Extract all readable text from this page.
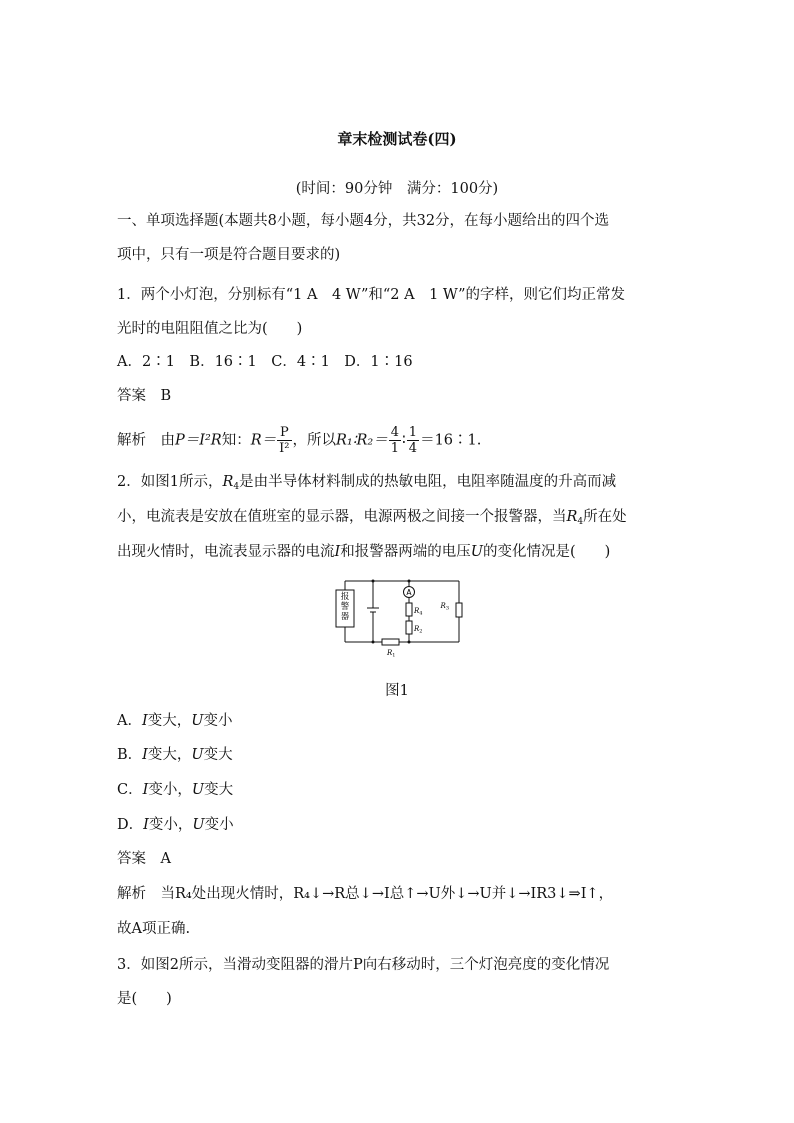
章末检测试卷(四)
(时间：90分钟　满分：100分)
一、单项选择题(本题共8小题，每小题4分，共32分，在每小题给出的四个选
项中，只有一项是符合题目要求的)
1．两个小灯泡，分别标有“1 A　4 W”和“2 A　1 W”的字样，则它们均正常发
光时的电阻阻值之比为(　　)
A．2∶1　B．16∶1　C．4∶1　D．1∶16
答案　 B
解析　 由P＝I²R知：$R= \frac{P}{\text{I²}}$ ，所以R₁∶R₂＝ $\frac{4}{1}$ ∶ $\frac{1}{4}$ ＝16∶1.
2．如图1所示，$R_4$是由半导体材料制成的热敏电阻，电阻率随温度的升高而减
小，电流表是安放在值班室的显示器，电源两极之间接一个报警器，当$R_4$所在处
出现火情时，电流表显示器的电流I和报警器两端的电压U的变化情况是(　　)
报警器
A
$R_4$
$R_2$
$R_3$
$R_1$
图1
A．I变大，U变小
B．I变大，U变大
C．I变小，U变大
D．I变小，U变小
答案　 A
解析　 当R₄处出现火情时，R₄↓→R总↓→I总↑→U外↓→U并↓→IR3↓⇒I↑，
故A项正确.
3．如图2所示，当滑动变阻器的滑片P向右移动时，三个灯泡亮度的变化情况
是(　　)
